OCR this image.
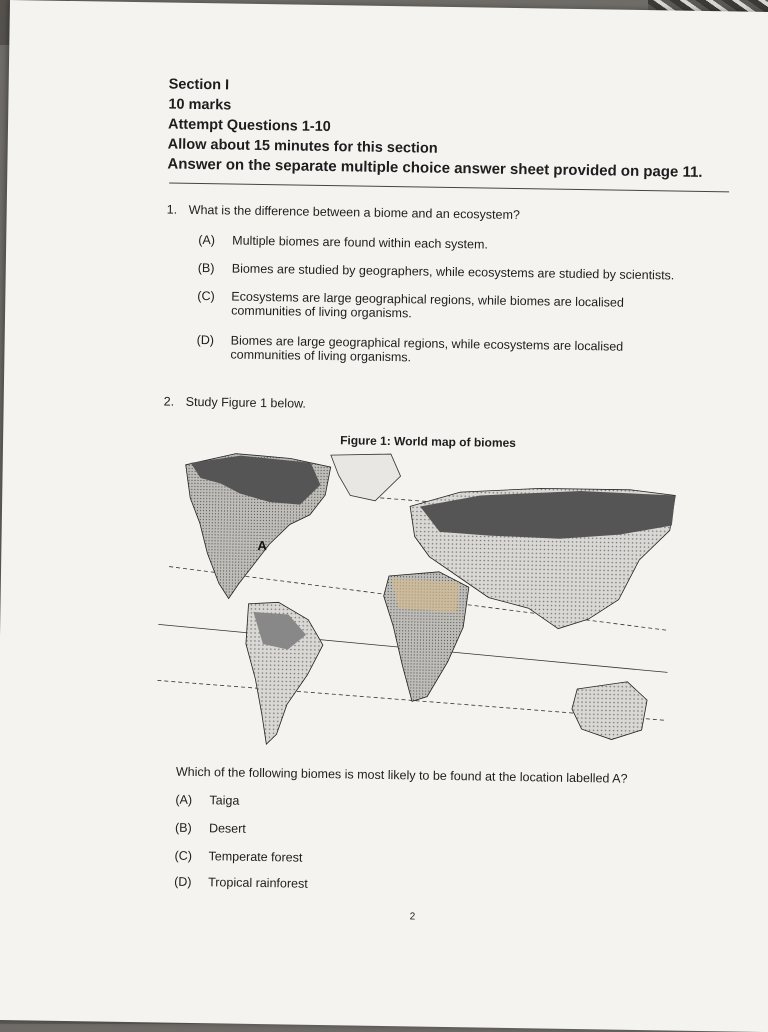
Section I
10 marks
Attempt Questions 1-10
Allow about 15 minutes for this section
Answer on the separate multiple choice answer sheet provided on page 11.
1. What is the difference between a biome and an ecosystem?
(A) Multiple biomes are found within each system.
(B) Biomes are studied by geographers, while ecosystems are studied by scientists.
(C) Ecosystems are large geographical regions, while biomes are localised communities of living organisms.
(D) Biomes are large geographical regions, while ecosystems are localised communities of living organisms.
2. Study Figure 1 below.
Figure 1: World map of biomes
A
Which of the following biomes is most likely to be found at the location labelled A?
(A) Taiga
(B) Desert
(C) Temperate forest
(D) Tropical rainforest
2
